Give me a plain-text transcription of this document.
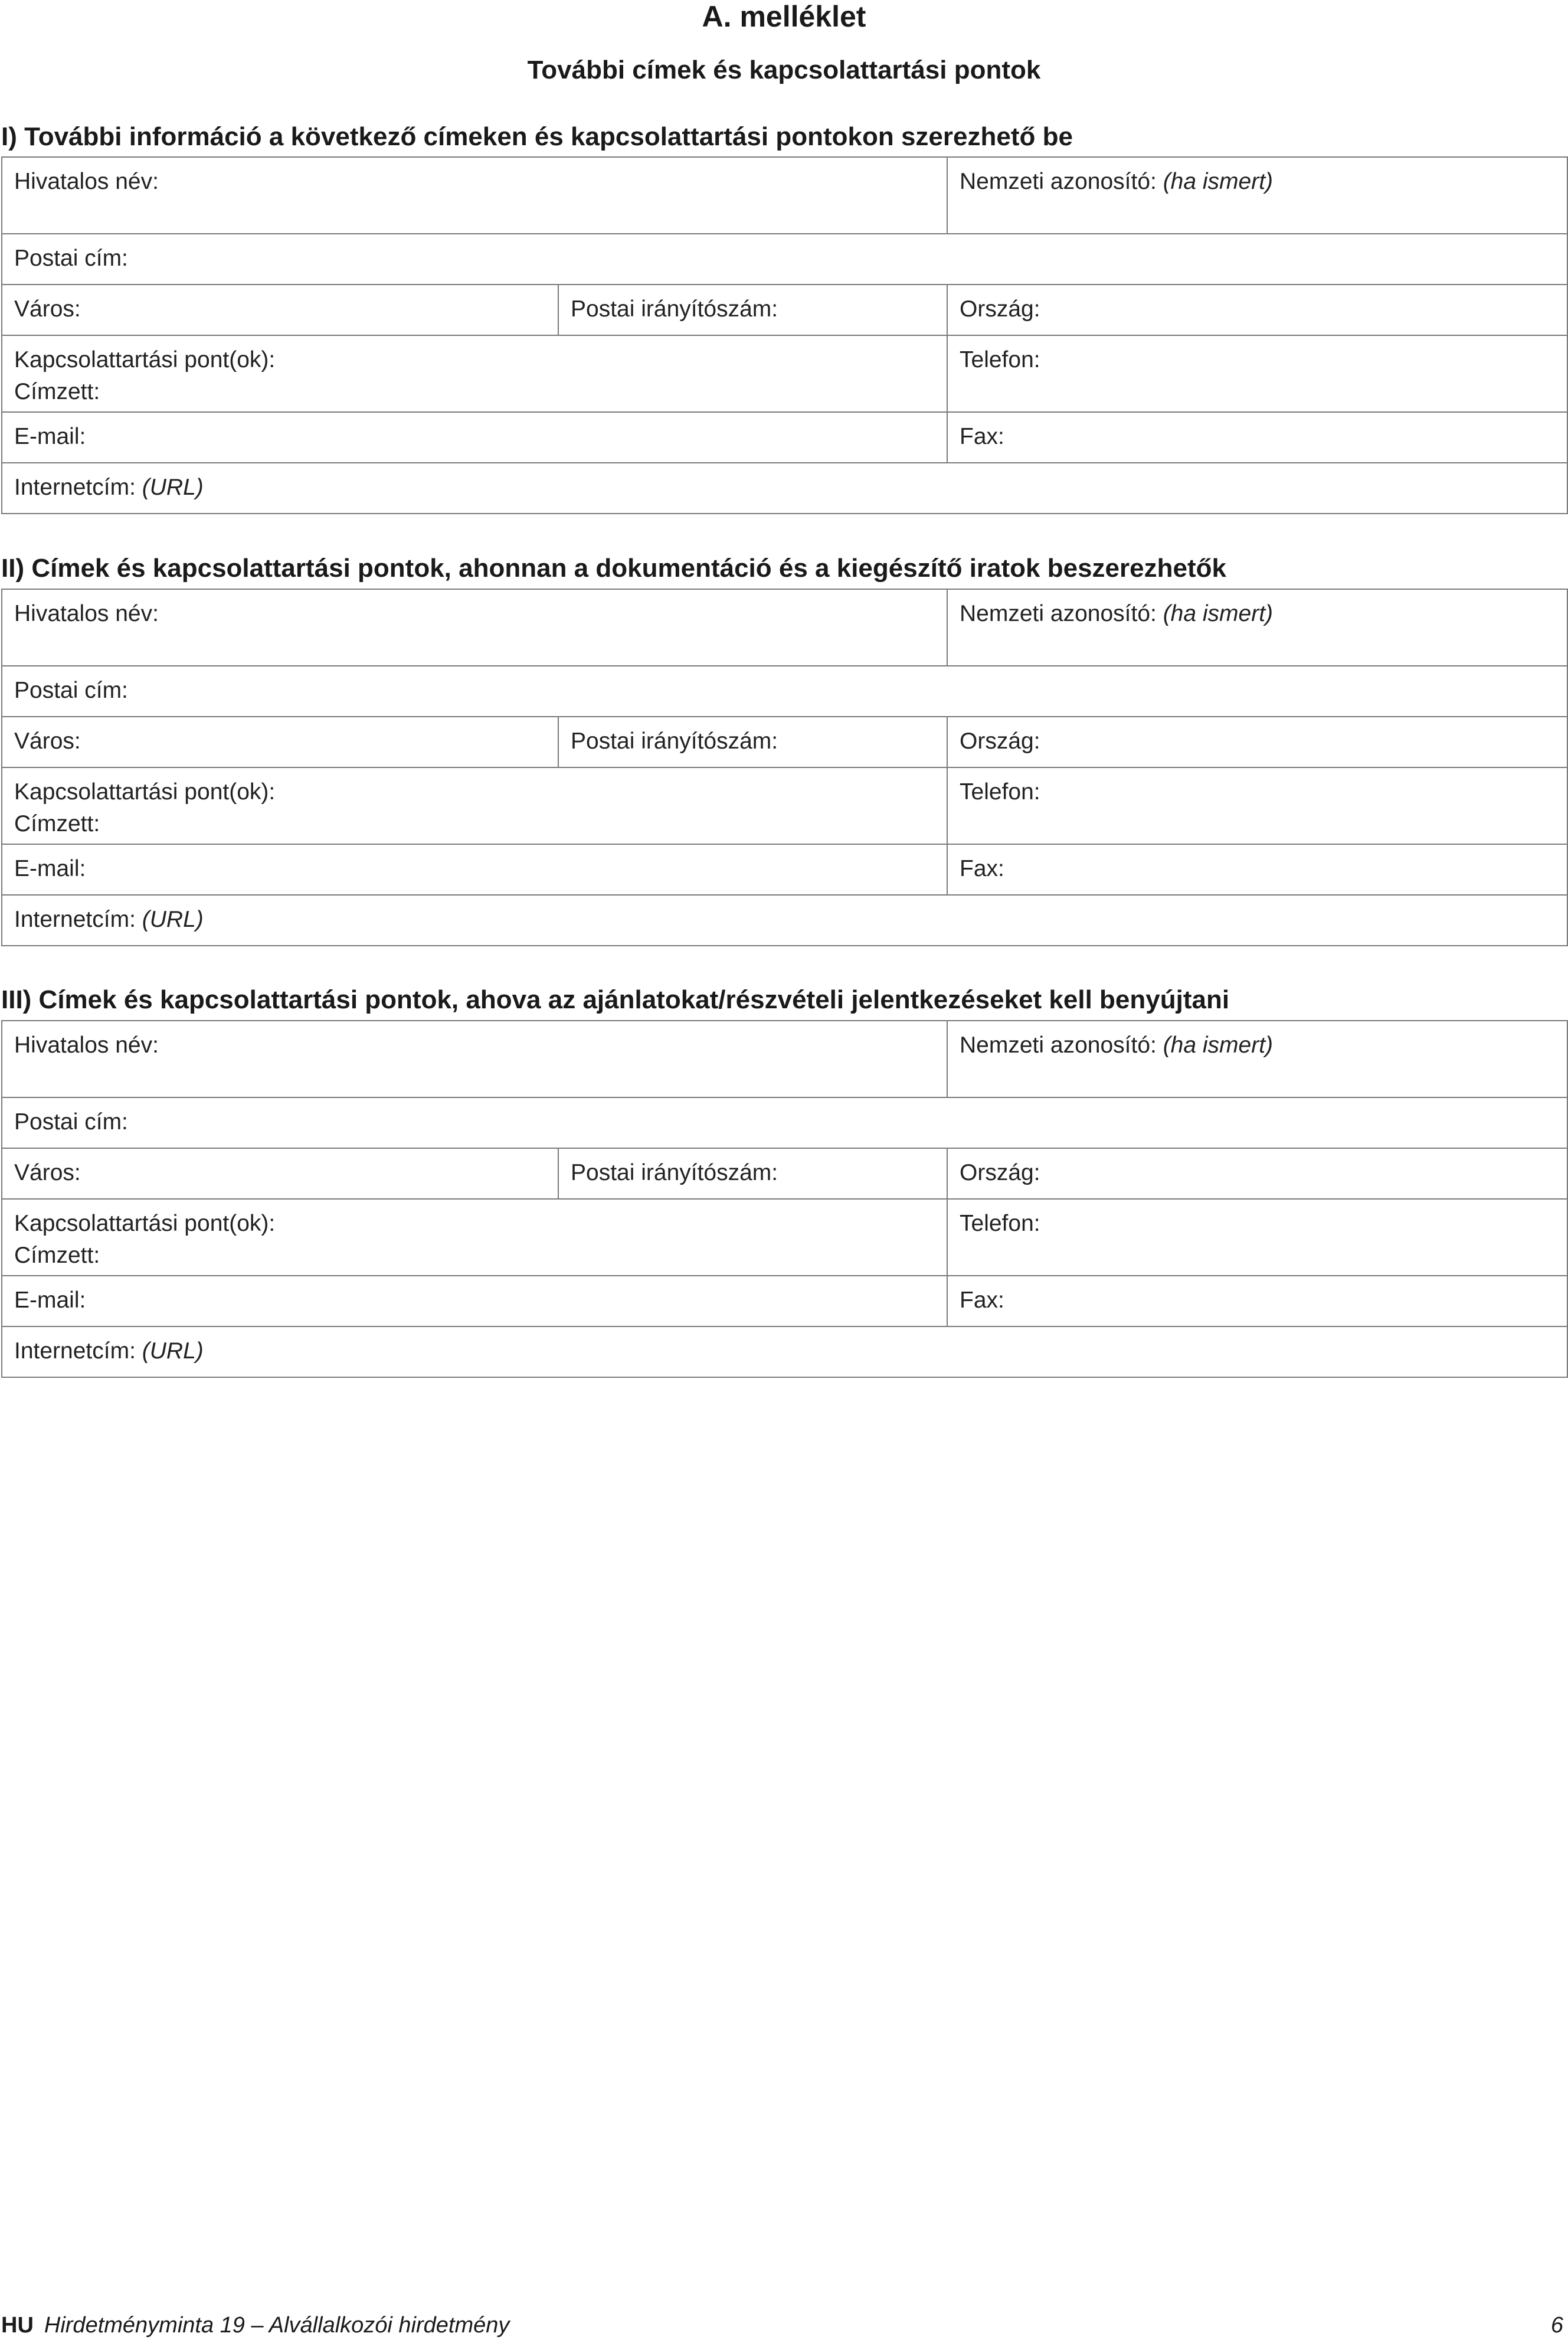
A. melléklet
További címek és kapcsolattartási pontok
I) További információ a következő címeken és kapcsolattartási pontokon szerezhető be
Hivatalos név:		Nemzeti azonosító: (ha ismert)
Postai cím:		
Város:	Postai irányítószám:	Ország:

Kapcsolattartási pont(ok):
Címzett:		Telefon:
E-mail:		Fax:
Internetcím: (URL)		
II) Címek és kapcsolattartási pontok, ahonnan a dokumentáció és a kiegészítő iratok beszerezhetők
Hivatalos név:		Nemzeti azonosító: (ha ismert)
Postai cím:		
Város:	Postai irányítószám:	Ország:

Kapcsolattartási pont(ok):
Címzett:		Telefon:
E-mail:		Fax:
Internetcím: (URL)		
III) Címek és kapcsolattartási pontok, ahova az ajánlatokat/részvételi jelentkezéseket kell benyújtani
Hivatalos név:		Nemzeti azonosító: (ha ismert)
Postai cím:		
Város:	Postai irányítószám:	Ország:

Kapcsolattartási pont(ok):
Címzett:		Telefon:
E-mail:		Fax:
Internetcím: (URL)		
HU Hirdetményminta 19 – Alvállalkozói hirdetmény	6
